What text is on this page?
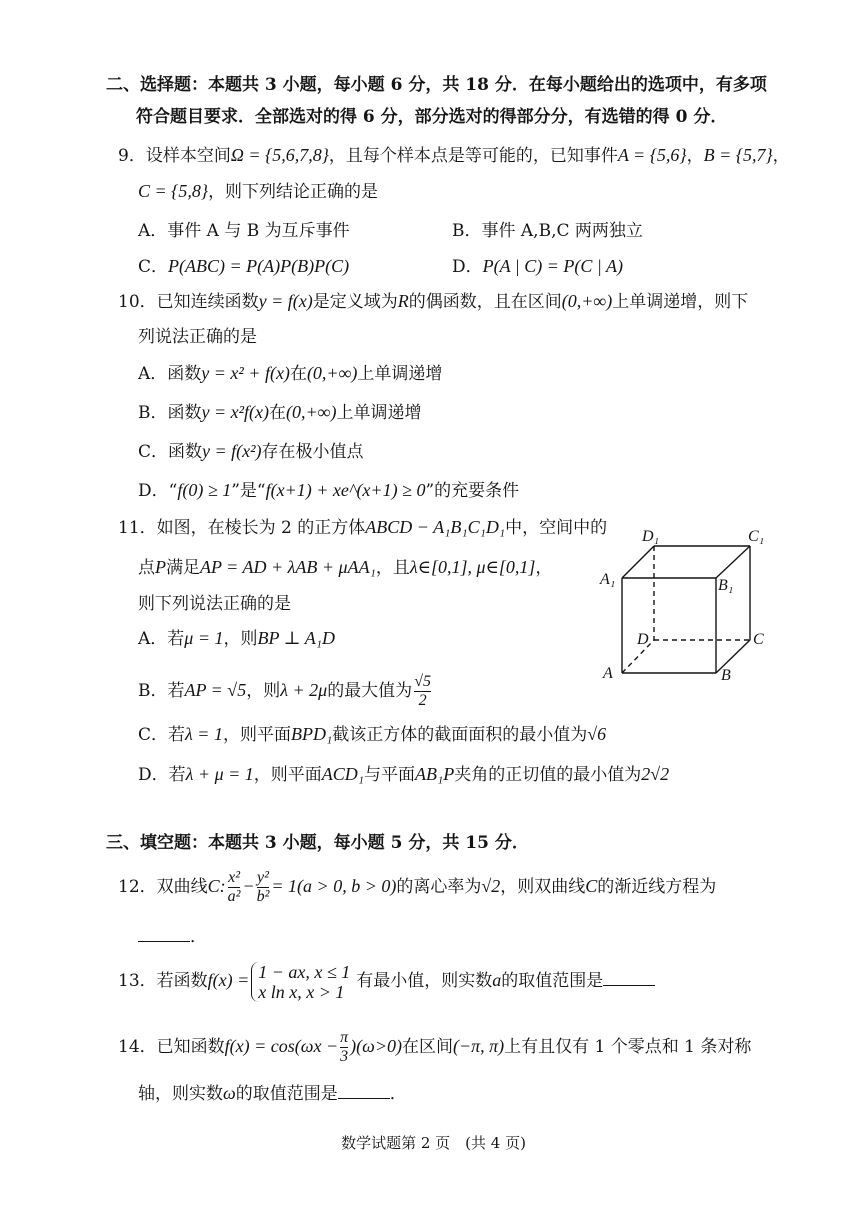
二、选择题：本题共 3 小题，每小题 6 分，共 18 分．在每小题给出的选项中，有多项
符合题目要求．全部选对的得 6 分，部分选对的得部分分，有选错的得 0 分．
9．设样本空间Ω = {5,6,7,8}，且每个样本点是等可能的，已知事件A = {5,6}，B = {5,7}，
C = {5,8}，则下列结论正确的是
A．事件 A 与 B 为互斥事件	B．事件 A,B,C 两两独立
C．P(ABC) = P(A)P(B)P(C)	D．P(A | C) = P(C | A)
10．已知连续函数y = f(x)是定义域为R的偶函数，且在区间(0,+∞)上单调递增，则下
列说法正确的是
A．函数y = x² + f(x)在(0,+∞)上单调递增
B．函数y = x²f(x)在(0,+∞)上单调递增
C．函数y = f(x²)存在极小值点
D．“f(0) ≥ 1”是“f(x+1) + xe^(x+1) ≥ 0”的充要条件
11．如图，在棱长为 2 的正方体ABCD − A₁B₁C₁D₁中，空间中的
点P满足AP = AD + λAB + μAA₁，且λ∈[0,1], μ∈[0,1]，
则下列说法正确的是
A．若μ = 1，则BP ⊥ A₁D
B．若AP = √5，则λ + 2μ的最大值为 $\frac{√5}{2}$
C．若λ = 1，则平面BPD₁截该正方体的截面面积的最小值为√6
D．若λ + μ = 1，则平面ACD₁与平面AB₁P夹角的正切值的最小值为2√2
D₁	C₁
A₁	B₁
D	C
A	B
三、填空题：本题共 3 小题，每小题 5 分，共 15 分．
12．双曲线C: $\frac{\text{x²}}{\text{a²}} - \frac{\text{y²}}{\text{b²}} = 1(a > 0$, b > 0)的离心率为√2，则双曲线C的渐近线方程为
．
13．若函数f(x) = 1 − ax, x ≤ 1
x ln x, x > 1
有最小值，则实数a的取值范围是
14．已知函数$f(x) = \cos(\omega x - \frac{\pi}{3} )(\omega>0)$在区间(−π, π)上有且仅有 1 个零点和 1 条对称
轴，则实数ω的取值范围是	．
数学试题第 2 页　(共 4 页)
